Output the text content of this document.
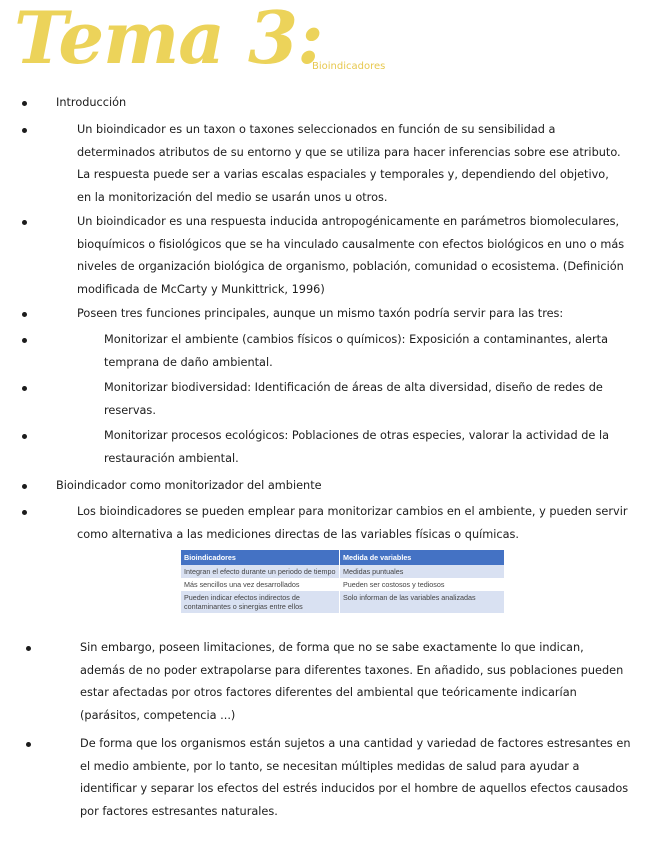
Tema 3:
Bioindicadores

Introducción

Un bioindicador es un taxon o taxones seleccionados en función de su sensibilidad a determinados atributos de su entorno y que se utiliza para hacer inferencias sobre ese atributo. La respuesta puede ser a varias escalas espaciales y temporales y, dependiendo del objetivo, en la monitorización del medio se usarán unos u otros.

Un bioindicador es una respuesta inducida antropogénicamente en parámetros biomoleculares, bioquímicos o fisiológicos que se ha vinculado causalmente con efectos biológicos en uno o más niveles de organización biológica de organismo, población, comunidad o ecosistema. (Definición modificada de McCarty y Munkittrick, 1996)

Poseen tres funciones principales, aunque un mismo taxón podría servir para las tres:

Monitorizar el ambiente (cambios físicos o químicos): Exposición a contaminantes, alerta temprana de daño ambiental.

Monitorizar biodiversidad: Identificación de áreas de alta diversidad, diseño de redes de reservas.

Monitorizar procesos ecológicos: Poblaciones de otras especies, valorar la actividad de la restauración ambiental.

Bioindicador como monitorizador del ambiente

Los bioindicadores se pueden emplear para monitorizar cambios en el ambiente, y pueden servir como alternativa a las mediciones directas de las variables físicas o químicas.

Bioindicadores	Medida de variables
Integran el efecto durante un periodo de tiempo	Medidas puntuales
Más sencillos una vez desarrollados	Pueden ser costosos y tediosos
Pueden indicar efectos indirectos de contaminantes o sinergias entre ellos	Solo informan de las variables analizadas

Sin embargo, poseen limitaciones, de forma que no se sabe exactamente lo que indican, además de no poder extrapolarse para diferentes taxones. En añadido, sus poblaciones pueden estar afectadas por otros factores diferentes del ambiental que teóricamente indicarían (parásitos, competencia ...)

De forma que los organismos están sujetos a una cantidad y variedad de factores estresantes en el medio ambiente, por lo tanto, se necesitan múltiples medidas de salud para ayudar a identificar y separar los efectos del estrés inducidos por el hombre de aquellos efectos causados por factores estresantes naturales.
